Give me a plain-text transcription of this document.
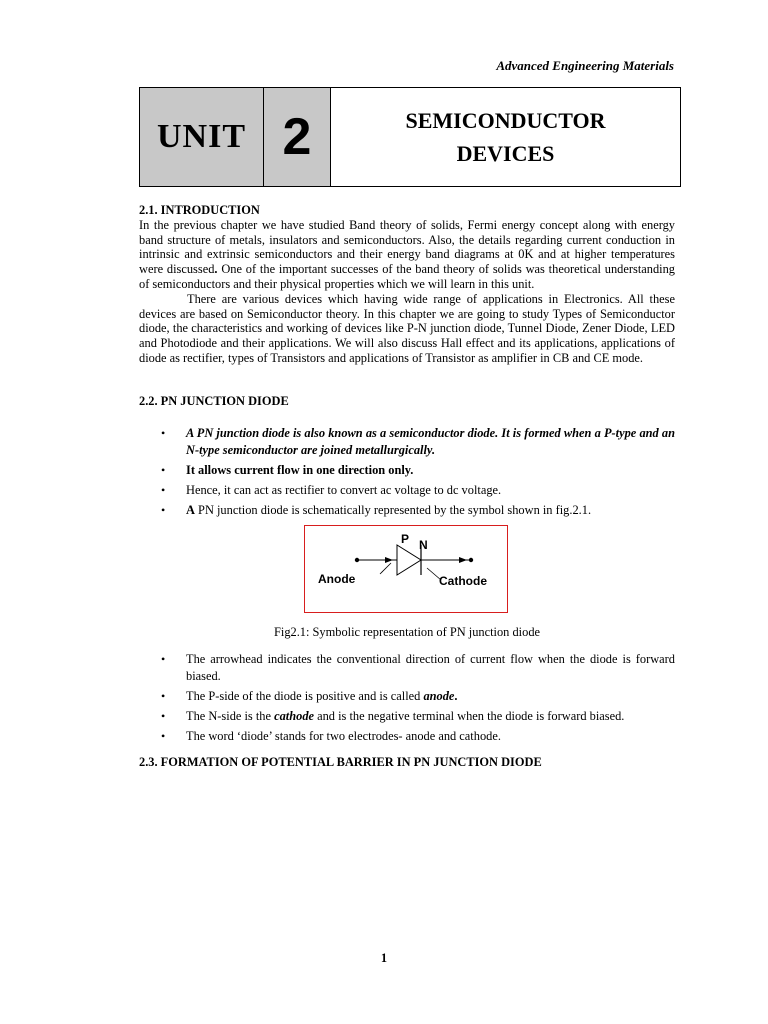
Advanced Engineering Materials
UNIT 2	SEMICONDUCTOR
DEVICES

2.1. INTRODUCTION

In the previous chapter we have studied Band theory of solids, Fermi energy concept along with energy band structure of metals, insulators and semiconductors. Also, the details regarding current conduction in intrinsic and extrinsic semiconductors and their energy band diagrams at 0K and at higher temperatures were discussed. One of the important successes of the band theory of solids was theoretical understanding of semiconductors and their physical properties which we will learn in this unit.

There are various devices which having wide range of applications in Electronics. All these devices are based on Semiconductor theory. In this chapter we are going to study Types of Semiconductor diode, the characteristics and working of devices like P-N junction diode, Tunnel Diode, Zener Diode, LED and Photodiode and their applications. We will also discuss Hall effect and its applications, applications of diode as rectifier, types of Transistors and applications of Transistor as amplifier in CB and CE mode.

2.2. PN JUNCTION DIODE

• A PN junction diode is also known as a semiconductor diode. It is formed when a P-type and an N-type semiconductor are joined metallurgically.
• It allows current flow in one direction only.
• Hence, it can act as rectifier to convert ac voltage to dc voltage.
• A PN junction diode is schematically represented by the symbol shown in fig.2.1.
P N
Anode	Cathode
Fig2.1: Symbolic representation of PN junction diode
• The arrowhead indicates the conventional direction of current flow when the diode is forward biased.
• The P-side of the diode is positive and is called anode.
• The N-side is the cathode and is the negative terminal when the diode is forward biased.
• The word ‘diode’ stands for two electrodes- anode and cathode.

2.3. FORMATION OF POTENTIAL BARRIER IN PN JUNCTION DIODE

1
